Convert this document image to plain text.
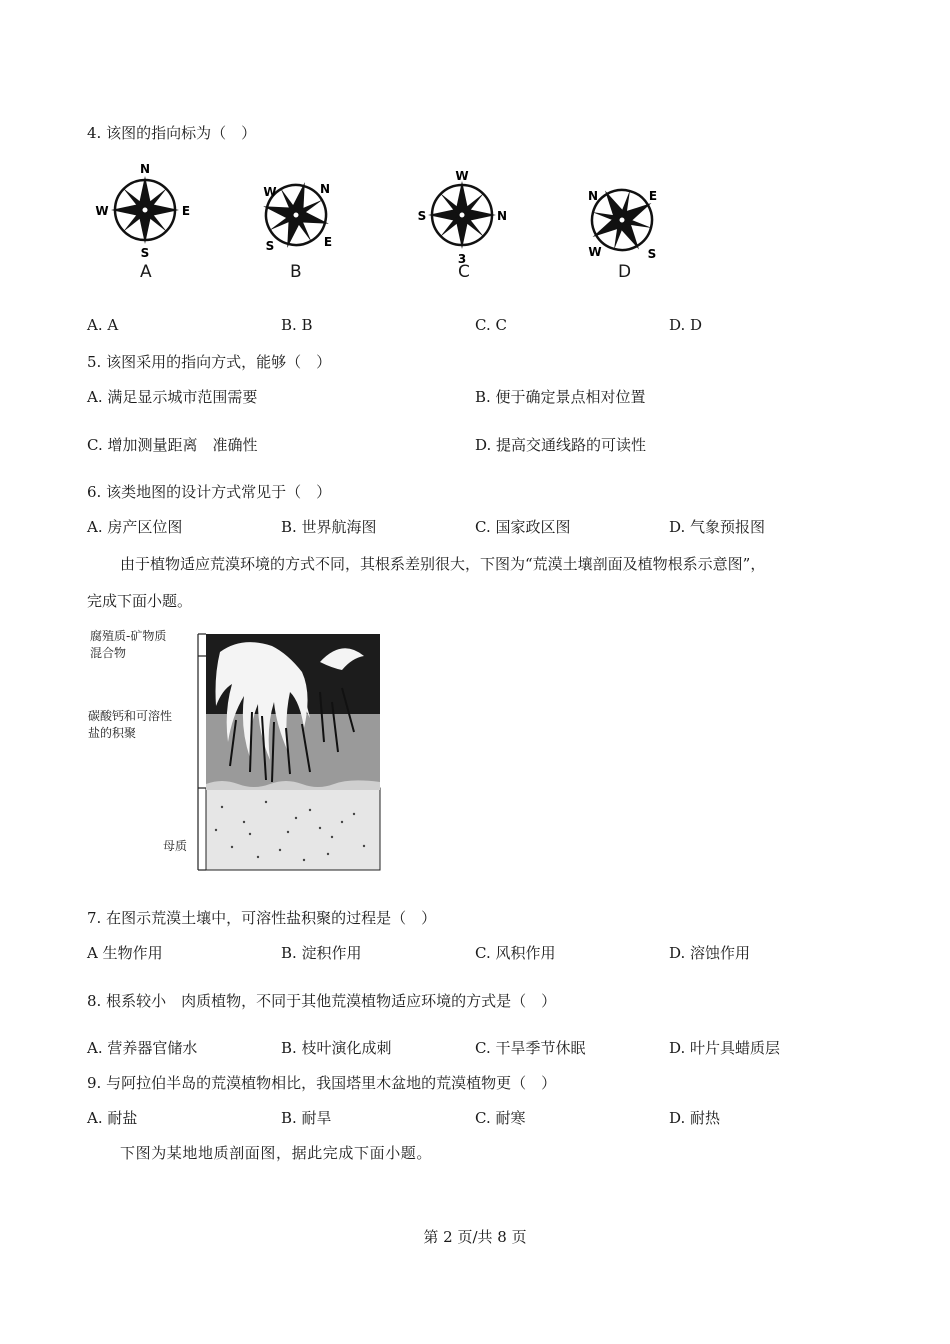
4. 该图的指向标为（　）
N
E
S
W
N
E
S
W
N
3
S
W
E
S
W
N
A	B	C	D
A. A	B. B	C. C	D. D
5. 该图采用的指向方式，能够（　）
A. 满足显示城市范围需要	B. 便于确定景点相对位置
C. 增加测量距离　准确性	D. 提高交通线路的可读性
6. 该类地图的设计方式常见于（　）
A. 房产区位图	B. 世界航海图	C. 国家政区图	D. 气象预报图
由于植物适应荒漠环境的方式不同，其根系差别很大，下图为“荒漠土壤剖面及植物根系示意图”，
完成下面小题。
腐殖质-矿物质
混合物
碳酸钙和可溶性
盐的积聚
母质
7. 在图示荒漠土壤中，可溶性盐积聚的过程是（　）
A 生物作用	B. 淀积作用	C. 风积作用	D. 溶蚀作用
8. 根系较小　肉质植物，不同于其他荒漠植物适应环境的方式是（　）
A. 营养器官储水	B. 枝叶演化成刺	C. 干旱季节休眠	D. 叶片具蜡质层
9. 与阿拉伯半岛的荒漠植物相比，我国塔里木盆地的荒漠植物更（　）
A. 耐盐	B. 耐旱	C. 耐寒	D. 耐热
下图为某地地质剖面图，据此完成下面小题。
第 2 页/共 8 页
